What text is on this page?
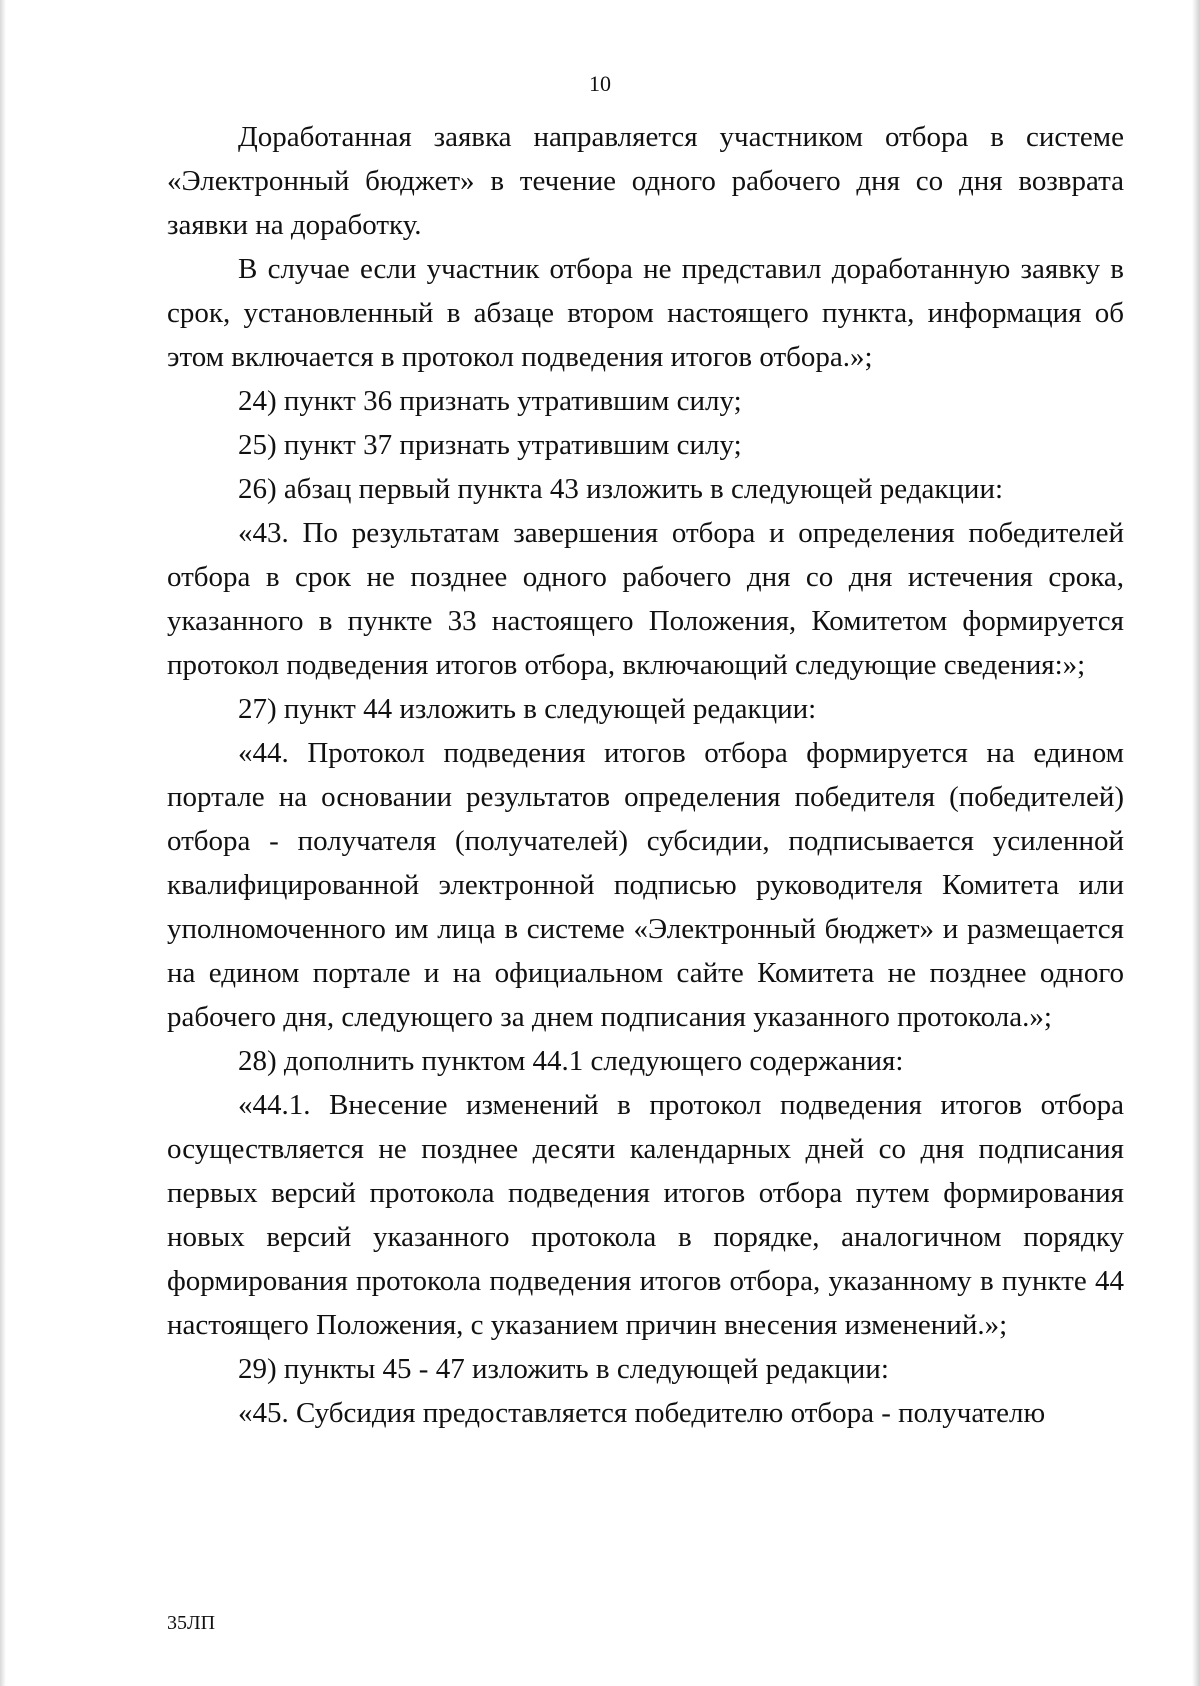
10

Доработанная заявка направляется участником отбора в системе «Электронный бюджет» в течение одного рабочего дня со дня возврата заявки на доработку.

В случае если участник отбора не представил доработанную заявку в срок, установленный в абзаце втором настоящего пункта, информация об этом включается в протокол подведения итогов отбора.»;

24) пункт 36 признать утратившим силу;

25) пункт 37 признать утратившим силу;

26) абзац первый пункта 43 изложить в следующей редакции:

«43. По результатам завершения отбора и определения победителей отбора в срок не позднее одного рабочего дня со дня истечения срока, указанного в пункте 33 настоящего Положения, Комитетом формируется протокол подведения итогов отбора, включающий следующие сведения:»;

27) пункт 44 изложить в следующей редакции:

«44. Протокол подведения итогов отбора формируется на едином портале на основании результатов определения победителя (победителей) отбора - получателя (получателей) субсидии, подписывается усиленной квалифицированной электронной подписью руководителя Комитета или уполномоченного им лица в системе «Электронный бюджет» и размещается на едином портале и на официальном сайте Комитета не позднее одного рабочего дня, следующего за днем подписания указанного протокола.»;

28) дополнить пунктом 44.1 следующего содержания:

«44.1. Внесение изменений в протокол подведения итогов отбора осуществляется не позднее десяти календарных дней со дня подписания первых версий протокола подведения итогов отбора путем формирования новых версий указанного протокола в порядке, аналогичном порядку формирования протокола подведения итогов отбора, указанному в пункте 44 настоящего Положения, с указанием причин внесения изменений.»;

29) пункты 45 - 47 изложить в следующей редакции:

«45. Субсидия предоставляется победителю отбора - получателю

35ЛП
